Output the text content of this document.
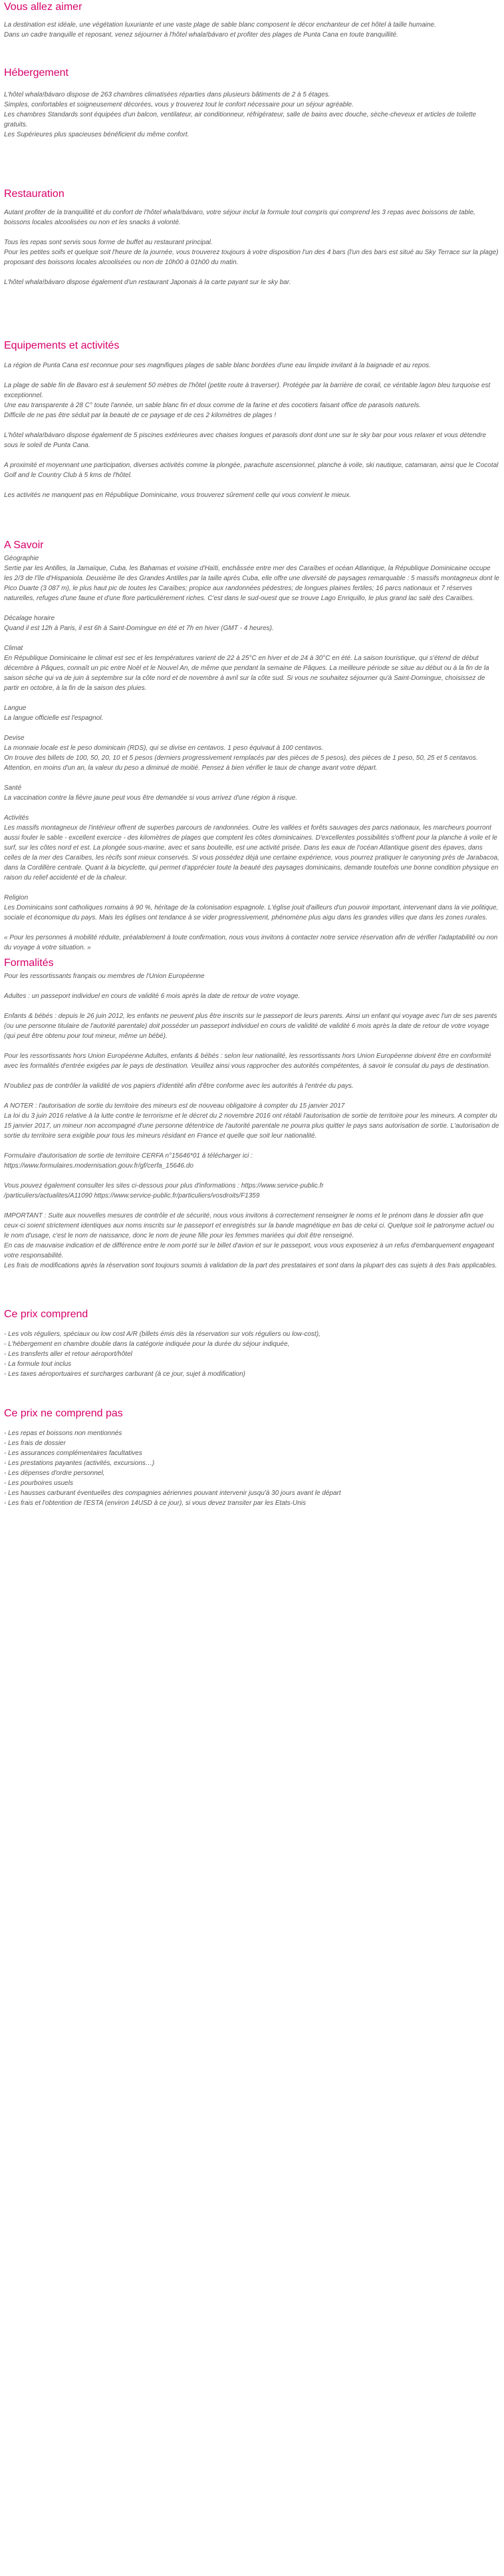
Vous allez aimer

La destination est idéale, une végétation luxuriante et une vaste plage de sable blanc composent le décor enchanteur de cet hôtel à taille humaine.

Dans un cadre tranquille et reposant, venez séjourner à l'hôtel whala!bávaro et profiter des plages de Punta Cana en toute tranquillité.

Hébergement

L'hôtel whala!bávaro dispose de 263 chambres climatisées réparties dans plusieurs bâtiments de 2 à 5 étages.
Simples, confortables et soigneusement décorées, vous y trouverez tout le confort nécessaire pour un séjour agréable.
Les chambres Standards sont équipées d'un balcon, ventilateur, air conditionneur, réfrigérateur, salle de bains avec douche, sèche-cheveux et articles de toilette gratuits.
Les Supérieures plus spacieuses bénéficient du même confort.

Restauration

Autant profiter de la tranquillité et du confort de l'hôtel whala!bávaro, votre séjour inclut la formule tout compris qui comprend les 3 repas avec boissons de table, boissons locales alcoolisées ou non et les snacks à volonté.

Tous les repas sont servis sous forme de buffet au restaurant principal.
Pour les petites soifs et quelque soit l'heure de la journée, vous trouverez toujours à votre disposition l'un des 4 bars (l'un des bars est situé au Sky Terrace sur la plage) proposant des boissons locales alcoolisées ou non de 10h00 à 01h00 du matin.

L'hôtel whala!bávaro dispose également d'un restaurant Japonais à la carte payant sur le sky bar.

Equipements et activités

La région de Punta Cana est reconnue pour ses magnifiques plages de sable blanc bordées d'une eau limpide invitant à la baignade et au repos.

La plage de sable fin de Bavaro est à seulement 50 mètres de l'hôtel (petite route à traverser). Protégée par la barrière de corail, ce véritable lagon bleu turquoise est exceptionnel.
Une eau transparente à 28 C° toute l'année, un sable blanc fin et doux comme de la farine et des cocotiers faisant office de parasols naturels.
Difficile de ne pas être séduit par la beauté de ce paysage et de ces 2 kilomètres de plages !

L'hôtel whala!bávaro dispose également de 5 piscines extérieures avec chaises longues et parasols dont dont une sur le sky bar pour vous relaxer et vous détendre sous le soleil de Punta Cana.

A proximité et moyennant une participation, diverses activités comme la plongée, parachute ascensionnel, planche à voile, ski nautique, catamaran, ainsi que le Cocotal Golf and le Country Club à 5 kms de l'hôtel.

Les activités ne manquent pas en République Dominicaine, vous trouverez sûrement celle qui vous convient le mieux.

A Savoir

Géographie

Sertie par les Antilles, la Jamaïque, Cuba, les Bahamas et voisine d'Haïti, enchâssée entre mer des Caraïbes et océan Atlantique, la République Dominicaine occupe les 2/3 de l'île d'Hispaniola. Deuxième île des Grandes Antilles par la taille après Cuba, elle offre une diversité de paysages remarquable : 5 massifs montagneux dont le Pico Duarte (3 087 m), le plus haut pic de toutes les Caraïbes; propice aux randonnées pédestres; de longues plaines fertiles; 16 parcs nationaux et 7 réserves naturelles, refuges d'une faune et d'une flore particulièrement riches. C'est dans le sud-ouest que se trouve Lago Enriquillo, le plus grand lac salé des Caraïbes.

Décalage horaire

Quand il est 12h à Paris, il est 6h à Saint-Domingue en été et 7h en hiver (GMT - 4 heures).

Climat

En République Dominicaine le climat est sec et les températures varient de 22 à 25°C en hiver et de 24 à 30°C en été. La saison touristique, qui s'étend de début décembre à Pâques, connaît un pic entre Noël et le Nouvel An, de même que pendant la semaine de Pâques. La meilleure période se situe au début ou à la fin de la saison sèche qui va de juin à septembre sur la côte nord et de novembre à avril sur la côte sud. Si vous ne souhaitez séjourner qu'à Saint-Domingue, choisissez de partir en octobre, à la fin de la saison des pluies.

Langue

La langue officielle est l'espagnol.

Devise

La monnaie locale est le peso dominicain (RDS), qui se divise en centavos. 1 peso équivaut à 100 centavos.
On trouve des billets de 100, 50, 20, 10 et 5 pesos (derniers progressivement remplacés par des pièces de 5 pesos), des pièces de 1 peso, 50, 25 et 5 centavos.
Attention, en moins d'un an, la valeur du peso a diminué de moitié. Pensez à bien vérifier le taux de change avant votre départ.

Santé

La vaccination contre la fièvre jaune peut vous être demandée si vous arrivez d'une région à risque.

Activités

Les massifs montagneux de l'intérieur offrent de superbes parcours de randonnées. Outre les vallées et forêts sauvages des parcs nationaux, les marcheurs pourront aussi fouler le sable - excellent exercice - des kilomètres de plages que comptent les côtes dominicaines. D'excellentes possibilités s'offrent pour la planche à voile et le surf, sur les côtes nord et est. La plongée sous-marine, avec et sans bouteille, est une activité prisée. Dans les eaux de l'océan Atlantique gisent des épaves, dans celles de la mer des Caraïbes, les récifs sont mieux conservés. Si vous possédez déjà une certaine expérience, vous pourrez pratiquer le canyoning près de Jarabacoa, dans la Cordillère centrale. Quant à la bicyclette, qui permet d'apprécier toute la beauté des paysages dominicains, demande toutefois une bonne condition physique en raison du relief accidenté et de la chaleur.

Religion

Les Dominicains sont catholiques romains à 90 %, héritage de la colonisation espagnole. L'église jouit d'ailleurs d'un pouvoir important, intervenant dans la vie politique, sociale et économique du pays. Mais les églises ont tendance à se vider progressivement, phénomène plus aigu dans les grandes villes que dans les zones rurales.

« Pour les personnes à mobilité réduite, préalablement à toute confirmation, nous vous invitons à contacter notre service réservation afin de vérifier l'adaptabilité ou non du voyage à votre situation. »

Formalités

Pour les ressortissants français ou membres de l'Union Européenne

Adultes : un passeport individuel en cours de validité 6 mois après la date de retour de votre voyage.

Enfants & bébés : depuis le 26 juin 2012, les enfants ne peuvent plus être inscrits sur le passeport de leurs parents. Ainsi un enfant qui voyage avec l'un de ses parents (ou une personne titulaire de l'autorité parentale) doit posséder un passeport individuel en cours de validité de validité 6 mois après la date de retour de votre voyage (qui peut être obtenu pour tout mineur, même un bébé).

Pour les ressortissants hors Union Européenne Adultes, enfants & bébés : selon leur nationalité, les ressortissants hors Union Européenne doivent être en conformité avec les formalités d'entrée exigées par le pays de destination. Veuillez ainsi vous rapprocher des autorités compétentes, à savoir le consulat du pays de destination.

N'oubliez pas de contrôler la validité de vos papiers d'identité afin d'être conforme avec les autorités à l'entrée du pays.

A NOTER : l'autorisation de sortie du territoire des mineurs est de nouveau obligatoire à compter du 15 janvier 2017
La loi du 3 juin 2016 relative à la lutte contre le terrorisme et le décret du 2 novembre 2016 ont rétabli l'autorisation de sortie de territoire pour les mineurs. A compter du 15 janvier 2017, un mineur non accompagné d'une personne détentrice de l'autorité parentale ne pourra plus quitter le pays sans autorisation de sortie. L'autorisation de sortie du territoire sera exigible pour tous les mineurs résidant en France et quelle que soit leur nationalité.

Formulaire d'autorisation de sortie de territoire CERFA n°15646*01 à télécharger ici :
https://www.formulaires.modernisation.gouv.fr/gf/cerfa_15646.do

Vous pouvez également consulter les sites ci-dessous pour plus d'informations : https://www.service-public.fr
/particuliers/actualites/A11090 https://www.service-public.fr/particuliers/vosdroits/F1359

IMPORTANT : Suite aux nouvelles mesures de contrôle et de sécurité, nous vous invitons à correctement renseigner le noms et le prénom dans le dossier afin que ceux-ci soient strictement identiques aux noms inscrits sur le passeport et enregistrés sur la bande magnétique en bas de celui ci. Quelque soit le patronyme actuel ou le nom d'usage, c'est le nom de naissance, donc le nom de jeune fille pour les femmes mariées qui doit être renseigné.
En cas de mauvaise indication et de différence entre le nom porté sur le billet d'avion et sur le passeport, vous vous exposeriez à un refus d'embarquement engageant votre responsabilité.
Les frais de modifications après la réservation sont toujours soumis à validation de la part des prestataires et sont dans la plupart des cas sujets à des frais applicables.

Ce prix comprend
- Les vols réguliers, spéciaux ou low cost A/R (billets émis dès la réservation sur vols réguliers ou low-cost),
- L'hébergement en chambre double dans la catégorie indiquée pour la durée du séjour indiquée,
- Les transferts aller et retour aéroport/hôtel
- La formule tout inclus
- Les taxes aéroportuaires et surcharges carburant (à ce jour, sujet à modification)
Ce prix ne comprend pas
- Les repas et boissons non mentionnés
- Les frais de dossier
- Les assurances complémentaires facultatives
- Les prestations payantes (activités, excursions…)
- Les dépenses d'ordre personnel,
- Les pourboires usuels
- Les hausses carburant éventuelles des compagnies aériennes pouvant intervenir jusqu'à 30 jours avant le départ
- Les frais et l'obtention de l'ESTA (environ 14USD à ce jour), si vous devez transiter par les Etats-Unis
